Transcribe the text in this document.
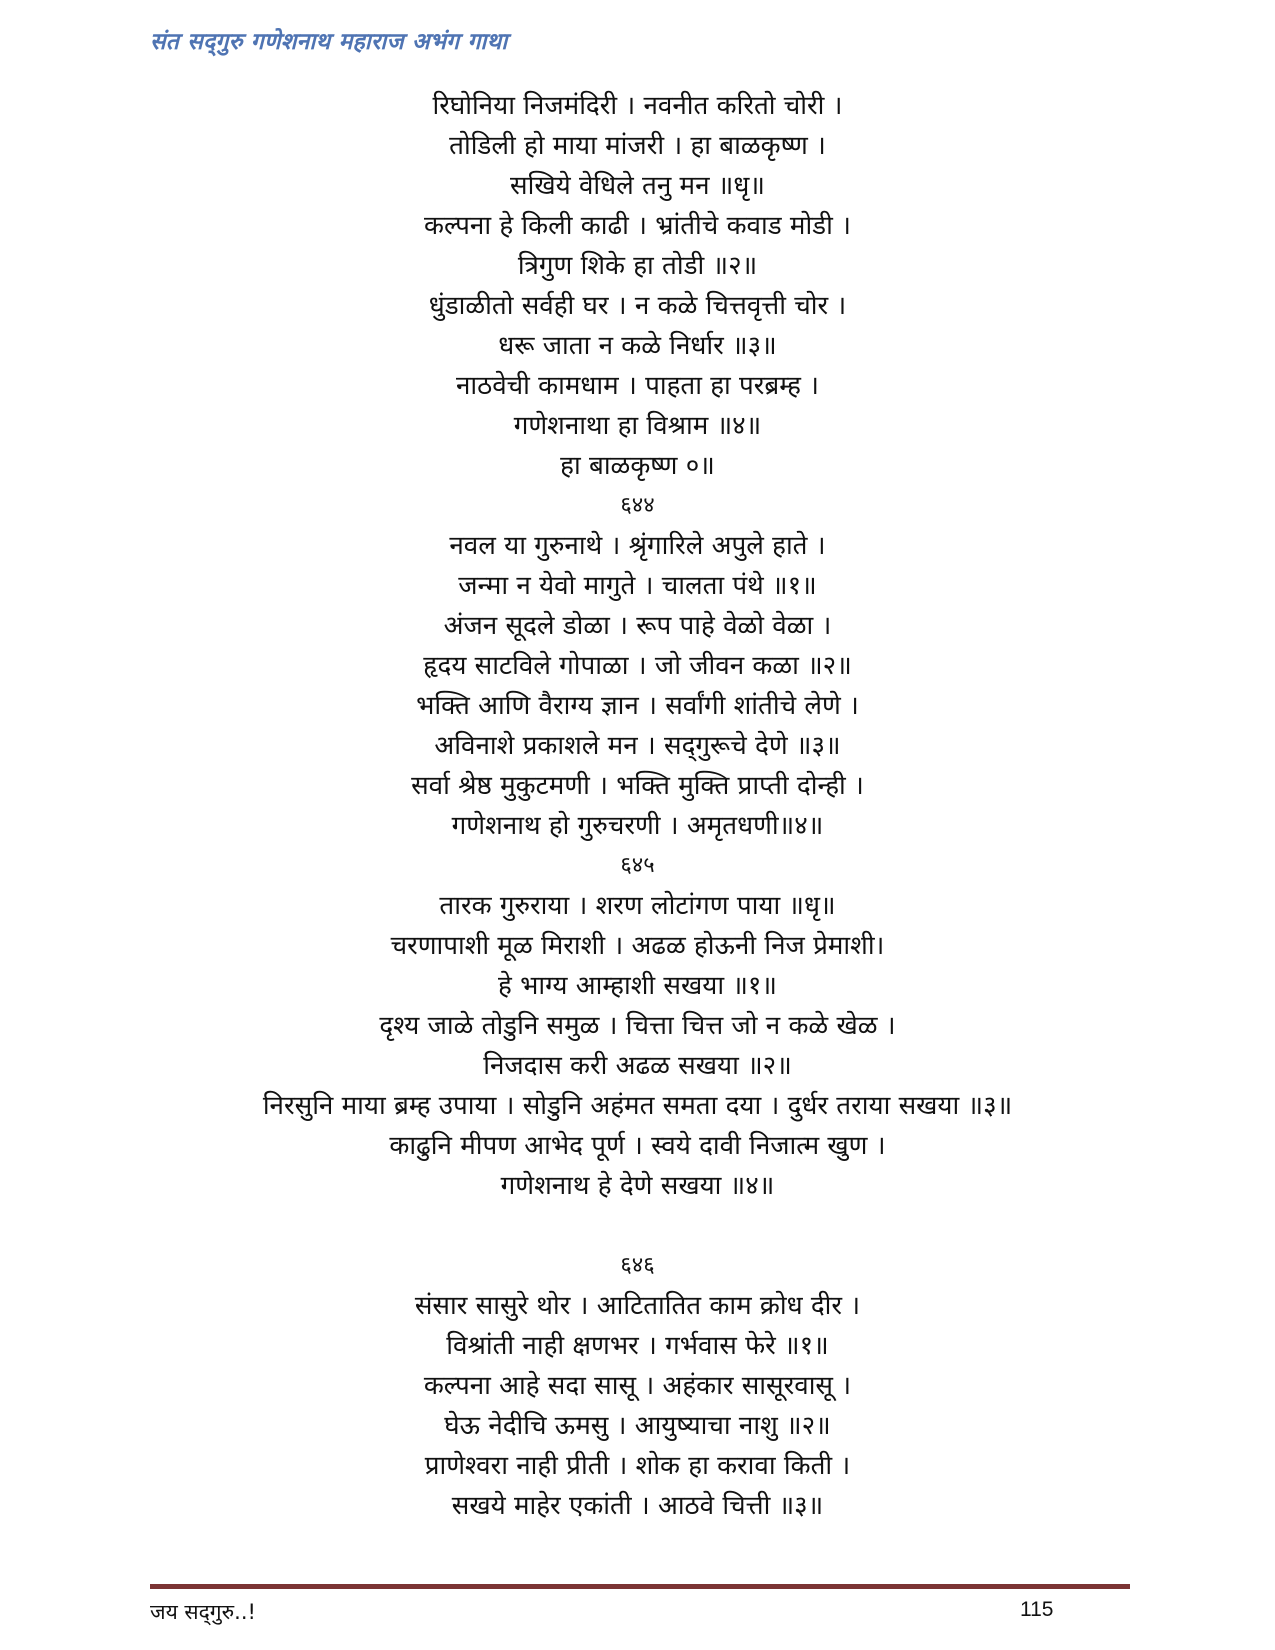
संत सद्‌गुरु गणेशनाथ महाराज अभंग गाथा
रिघोनिया निजमंदिरी । नवनीत करितो चोरी ।
तोडिली हो माया मांजरी । हा बाळकृष्ण ।
सखिये वेधिले तनु मन ॥धृ॥
कल्पना हे किली काढी । भ्रांतीचे कवाड मोडी ।
त्रिगुण शिके हा तोडी ॥२॥
धुंडाळीतो सर्वही घर । न कळे चित्तवृत्ती चोर ।
धरू जाता न कळे निर्धार ॥३॥
नाठवेची कामधाम । पाहता हा परब्रम्ह ।
गणेशनाथा हा विश्राम ॥४॥
हा बाळकृष्ण ०॥
६४४
नवल या गुरुनाथे । श्रृंगारिले अपुले हाते ।
जन्मा न येवो मागुते । चालता पंथे ॥१॥
अंजन सूदले डोळा । रूप पाहे वेळो वेळा ।
हृदय साटविले गोपाळा । जो जीवन कळा ॥२॥
भक्ति आणि वैराग्य ज्ञान । सर्वांगी शांतीचे लेणे ।
अविनाशे प्रकाशले मन । सद्‌गुरूचे देणे ॥३॥
सर्वा श्रेष्ठ मुकुटमणी । भक्ति मुक्ति प्राप्ती दोन्ही ।
गणेशनाथ हो गुरुचरणी । अमृतधणी॥४॥
६४५
तारक गुरुराया । शरण लोटांगण पाया ॥धृ॥
चरणापाशी मूळ मिराशी । अढळ होऊनी निज प्रेमाशी।
हे भाग्य आम्हाशी सखया ॥१॥
दृश्य जाळे तोडुनि समुळ । चित्ता चित्त जो न कळे खेळ ।
निजदास करी अढळ सखया ॥२॥
निरसुनि माया ब्रम्ह उपाया । सोडुनि अहंमत समता दया । दुर्धर तराया सखया ॥३॥
काढुनि मीपण आभेद पूर्ण । स्वये दावी निजात्म खुण ।
गणेशनाथ हे देणे सखया ॥४॥
६४६
संसार सासुरे थोर । आटितातित काम क्रोध दीर ।
विश्रांती नाही क्षणभर । गर्भवास फेरे ॥१॥
कल्पना आहे सदा सासू । अहंकार सासूरवासू ।
घेऊ नेदीचि ऊमसु । आयुष्याचा नाशु ॥२॥
प्राणेश्वरा नाही प्रीती । शोक हा करावा किती ।
सखये माहेर एकांती । आठवे चित्ती ॥३॥
जय सद्‌गुरु..!	115
